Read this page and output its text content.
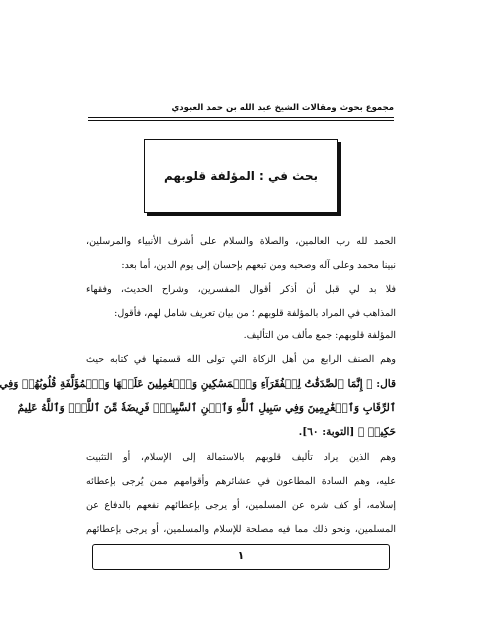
مجموع بحوث ومقالات الشيخ عبد الله بن حمد العبودي
بحث في : المؤلفة قلوبهم
الحمد لله رب العالمين، والصلاة والسلام على أشرف الأنبياء والمرسلين،
نبينا محمد وعلى آله وصحبه ومن تبعهم بإحسان إلى يوم الدين، أما بعد:
فلا بد لي قبل أن أذكر أقوال المفسرين، وشراح الحديث، وفقهاء
المذاهب في المراد بالمؤلفة قلوبهم ؛ من بيان تعريف شامل لهم، فأقول:
المؤلفة قلوبهم: جمع مألف من التأليف.
وهم الصنف الرابع من أهل الزكاة التي تولى الله قسمتها في كتابه حيث
قال: ﴿ إِنَّمَا ٱلصَّدَقَٰتُ لِلۡفُقَرَآءِ وَٱلۡمَسَٰكِينِ وَٱلۡعَٰمِلِينَ عَلَيۡهَا وَٱلۡمُؤَلَّفَةِ قُلُوبُهُمۡ وَفِي
ٱلرِّقَابِ وَٱلۡغَٰرِمِينَ وَفِي سَبِيلِ ٱللَّهِ وَٱبۡنِ ٱلسَّبِيلِۖ فَرِيضَةٗ مِّنَ ٱللَّهِۗ وَٱللَّهُ عَلِيمٌ
حَكِيمٞ ﴾ [التوبة: ٦٠].
وهم الذين يراد تأليف قلوبهم بالاستمالة إلى الإسلام، أو التثبيت
عليه، وهم السادة المطاعون في عشائرهم وأقوامهم ممن يُرجى بإعطائه
إسلامه، أو كف شره عن المسلمين، أو يرجى بإعطائهم نفعهم بالدفاع عن
المسلمين، ونحو ذلك مما فيه مصلحة للإسلام والمسلمين، أو يرجى بإعطائهم
١
